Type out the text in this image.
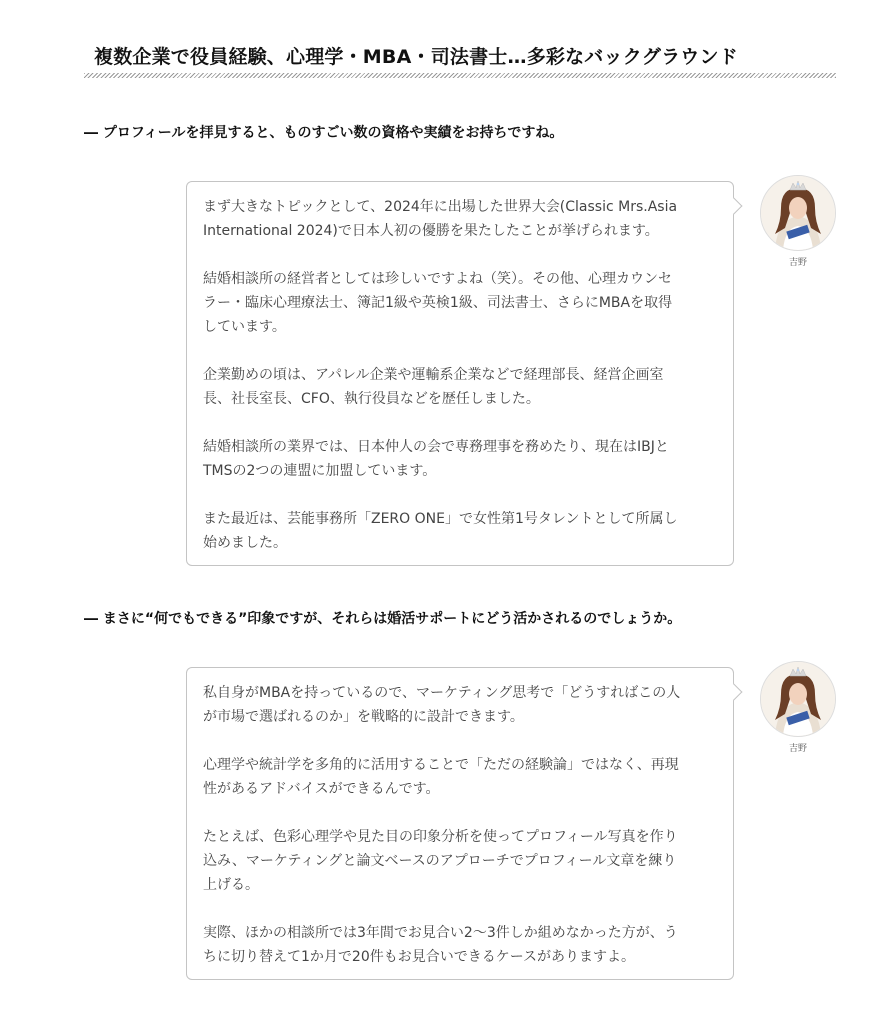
複数企業で役員経験、心理学・MBA・司法書士…多彩なバックグラウンド
― プロフィールを拝見すると、ものすごい数の資格や実績をお持ちですね。

まず大きなトピックとして、2024年に出場した世界大会(Classic Mrs.Asia
International 2024)で日本人初の優勝を果たしたことが挙げられます。

結婚相談所の経営者としては珍しいですよね（笑）。その他、心理カウンセ
ラー・臨床心理療法士、簿記1級や英検1級、司法書士、さらにMBAを取得
しています。

企業勤めの頃は、アパレル企業や運輸系企業などで経理部長、経営企画室
長、社長室長、CFO、執行役員などを歴任しました。

結婚相談所の業界では、日本仲人の会で専務理事を務めたり、現在はIBJと
TMSの2つの連盟に加盟しています。

また最近は、芸能事務所「ZERO ONE」で女性第1号タレントとして所属し
始めました。

吉野
― まさに“何でもできる”印象ですが、それらは婚活サポートにどう活かされるのでしょうか。

私自身がMBAを持っているので、マーケティング思考で「どうすればこの人
が市場で選ばれるのか」を戦略的に設計できます。

心理学や統計学を多角的に活用することで「ただの経験論」ではなく、再現
性があるアドバイスができるんです。

たとえば、色彩心理学や見た目の印象分析を使ってプロフィール写真を作り
込み、マーケティングと論文ベースのアプローチでプロフィール文章を練り
上げる。

実際、ほかの相談所では3年間でお見合い2～3件しか組めなかった方が、う
ちに切り替えて1か月で20件もお見合いできるケースがありますよ。

吉野
